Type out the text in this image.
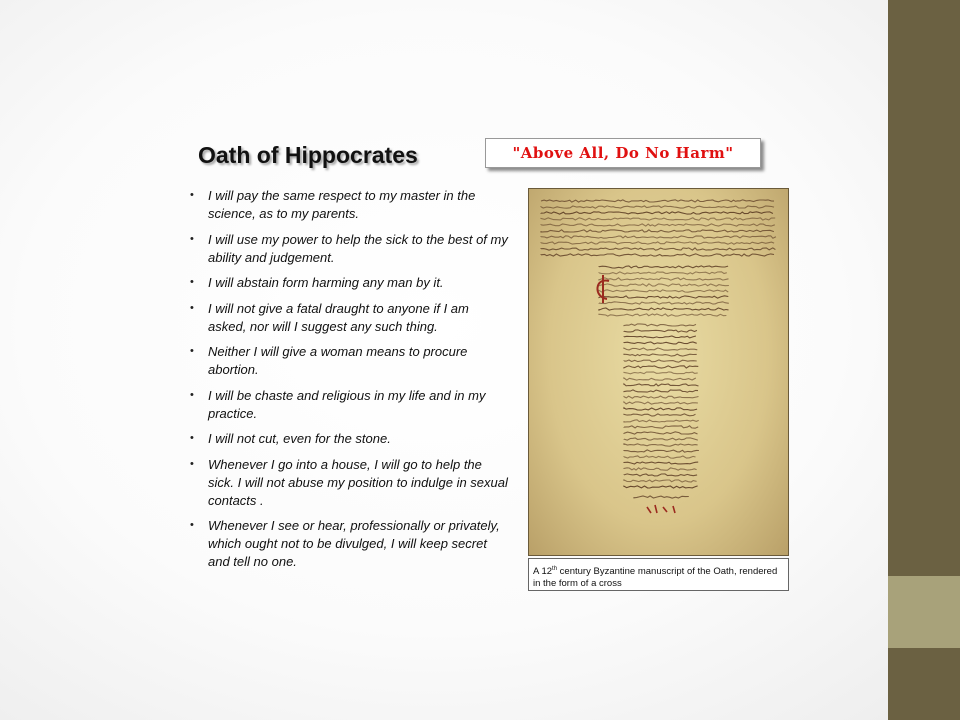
Oath of Hippocrates	"Above All, Do No Harm"
• I will pay the same respect to my master in the science, as to my parents.
• I will use my power to help the sick to the best of my ability and judgement.
• I will abstain form harming any man by it.
• I will not give a fatal draught to anyone if I am asked, nor will I suggest any such thing.
• Neither I will give a woman means to procure abortion.
• I will be chaste and religious in my life and in my practice.
• I will not cut, even for the stone.
• Whenever I go into a house, I will go to help the sick. I will not abuse my position to indulge in sexual contacts .
• Whenever I see or hear, professionally or privately, which ought not to be divulged, I will keep secret and tell no one.
A 12th century Byzantine manuscript of the Oath, rendered in the form of a cross
